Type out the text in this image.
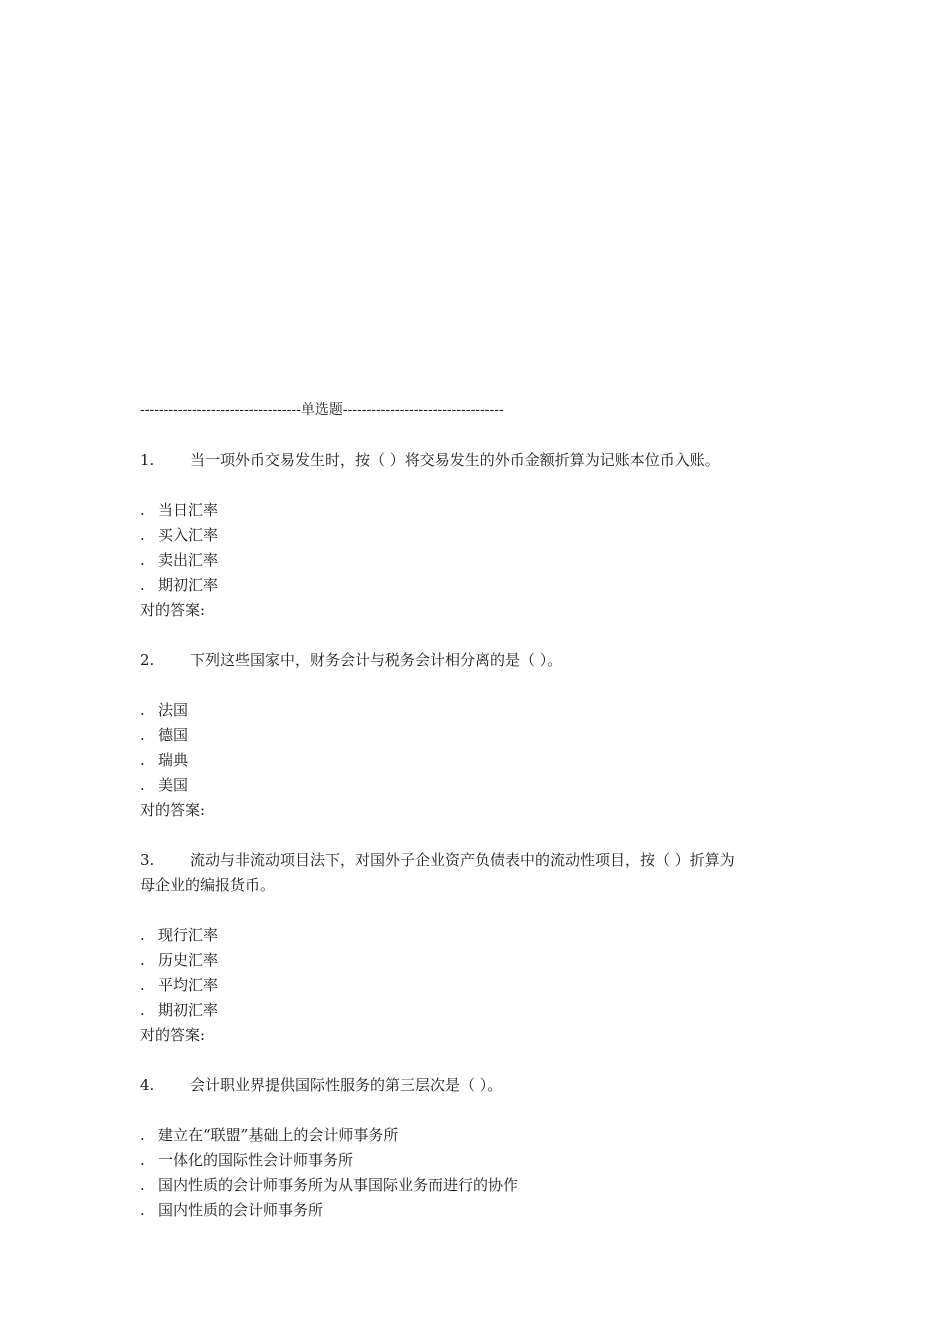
----------------------------------单选题----------------------------------
1.	当一项外币交易发生时，按（ ）将交易发生的外币金额折算为记账本位币入账。
. 当日汇率
. 买入汇率
. 卖出汇率
. 期初汇率
对的答案:
2.	下列这些国家中，财务会计与税务会计相分离的是（ ）。
. 法国
. 德国
. 瑞典
. 美国
对的答案:
3.	流动与非流动项目法下，对国外子企业资产负债表中的流动性项目，按（ ）折算为
母企业的编报货币。
. 现行汇率
. 历史汇率
. 平均汇率
. 期初汇率
对的答案:
4.	会计职业界提供国际性服务的第三层次是（ ）。
. 建立在“联盟”基础上的会计师事务所
. 一体化的国际性会计师事务所
. 国内性质的会计师事务所为从事国际业务而进行的协作
. 国内性质的会计师事务所
